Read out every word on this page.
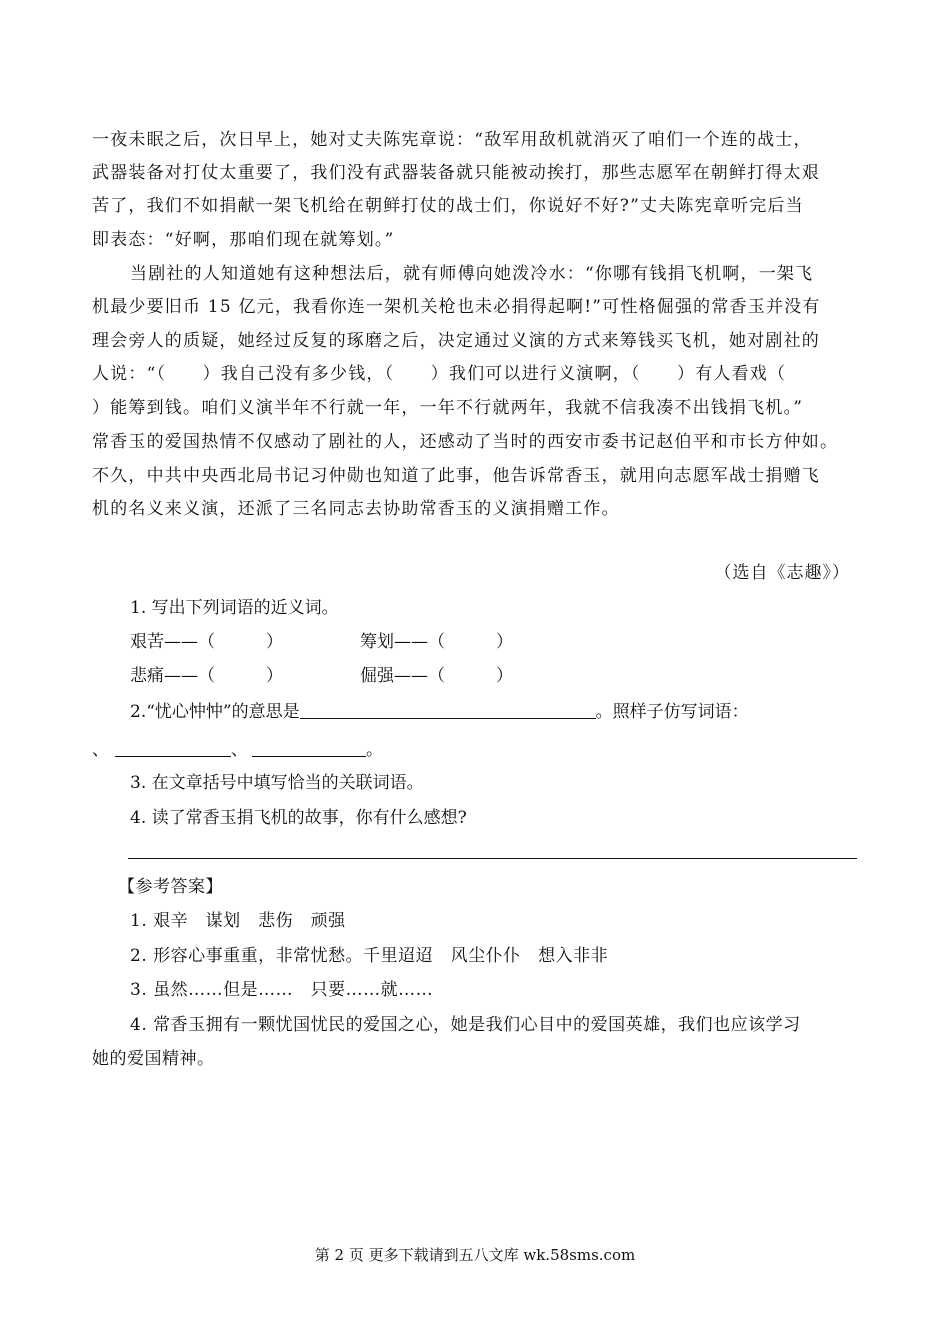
一夜未眠之后，次日早上，她对丈夫陈宪章说：“敌军用敌机就消灭了咱们一个连的战士，
武器装备对打仗太重要了，我们没有武器装备就只能被动挨打，那些志愿军在朝鲜打得太艰
苦了，我们不如捐献一架飞机给在朝鲜打仗的战士们，你说好不好?”丈夫陈宪章听完后当
即表态：“好啊，那咱们现在就筹划。”
当剧社的人知道她有这种想法后，就有师傅向她泼冷水：“你哪有钱捐飞机啊，一架飞
机最少要旧币 15 亿元，我看你连一架机关枪也未必捐得起啊!”可性格倔强的常香玉并没有
理会旁人的质疑，她经过反复的琢磨之后，决定通过义演的方式来筹钱买飞机，她对剧社的
人说：“（　　）我自己没有多少钱，（　　）我们可以进行义演啊，（　　）有人看戏（
）能筹到钱。咱们义演半年不行就一年，一年不行就两年，我就不信我凑不出钱捐飞机。”
常香玉的爱国热情不仅感动了剧社的人，还感动了当时的西安市委书记赵伯平和市长方仲如。
不久，中共中央西北局书记习仲勋也知道了此事，他告诉常香玉，就用向志愿军战士捐赠飞
机的名义来义演，还派了三名同志去协助常香玉的义演捐赠工作。
（选自《志趣》）
1. 写出下列词语的近义词。
艰苦——（　　　）	筹划——（　　　）
悲痛——（　　　）	倔强——（　　　）
2.“忧心忡忡”的意思是	。照样子仿写词语：
、	、	。
3. 在文章括号中填写恰当的关联词语。
4. 读了常香玉捐飞机的故事，你有什么感想?
【参考答案】
1. 艰辛　谋划　悲伤　顽强
2. 形容心事重重，非常忧愁。千里迢迢　风尘仆仆　想入非非
3. 虽然……但是……　只要……就……
4. 常香玉拥有一颗忧国忧民的爱国之心，她是我们心目中的爱国英雄，我们也应该学习
她的爱国精神。
第 2 页 更多下载请到五八文库 wk.58sms.com
